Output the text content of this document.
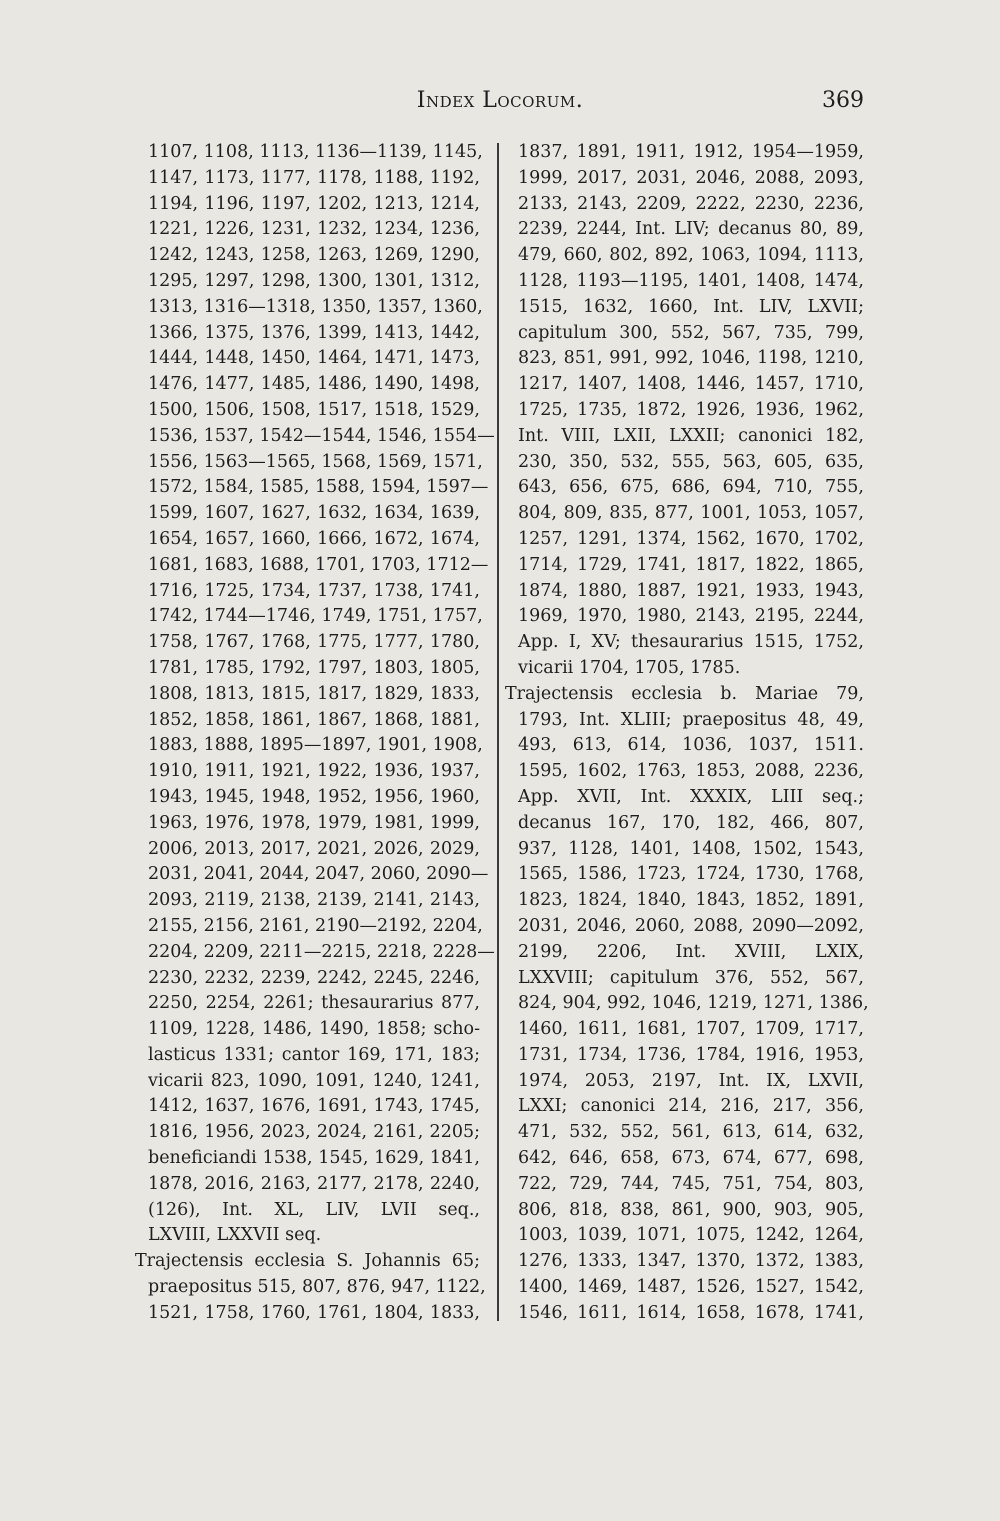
Index Locorum.	369
1107, 1108, 1113, 1136—1139, 1145,
1147, 1173, 1177, 1178, 1188, 1192,
1194, 1196, 1197, 1202, 1213, 1214,
1221, 1226, 1231, 1232, 1234, 1236,
1242, 1243, 1258, 1263, 1269, 1290,
1295, 1297, 1298, 1300, 1301, 1312,
1313, 1316—1318, 1350, 1357, 1360,
1366, 1375, 1376, 1399, 1413, 1442,
1444, 1448, 1450, 1464, 1471, 1473,
1476, 1477, 1485, 1486, 1490, 1498,
1500, 1506, 1508, 1517, 1518, 1529,
1536, 1537, 1542—1544, 1546, 1554—
1556, 1563—1565, 1568, 1569, 1571,
1572, 1584, 1585, 1588, 1594, 1597—
1599, 1607, 1627, 1632, 1634, 1639,
1654, 1657, 1660, 1666, 1672, 1674,
1681, 1683, 1688, 1701, 1703, 1712—
1716, 1725, 1734, 1737, 1738, 1741,
1742, 1744—1746, 1749, 1751, 1757,
1758, 1767, 1768, 1775, 1777, 1780,
1781, 1785, 1792, 1797, 1803, 1805,
1808, 1813, 1815, 1817, 1829, 1833,
1852, 1858, 1861, 1867, 1868, 1881,
1883, 1888, 1895—1897, 1901, 1908,
1910, 1911, 1921, 1922, 1936, 1937,
1943, 1945, 1948, 1952, 1956, 1960,
1963, 1976, 1978, 1979, 1981, 1999,
2006, 2013, 2017, 2021, 2026, 2029,
2031, 2041, 2044, 2047, 2060, 2090—
2093, 2119, 2138, 2139, 2141, 2143,
2155, 2156, 2161, 2190—2192, 2204,
2204, 2209, 2211—2215, 2218, 2228—
2230, 2232, 2239, 2242, 2245, 2246,
2250, 2254, 2261; thesaurarius 877,
1109, 1228, 1486, 1490, 1858; scho-
lasticus 1331; cantor 169, 171, 183;
vicarii 823, 1090, 1091, 1240, 1241,
1412, 1637, 1676, 1691, 1743, 1745,
1816, 1956, 2023, 2024, 2161, 2205;
beneficiandi 1538, 1545, 1629, 1841,
1878, 2016, 2163, 2177, 2178, 2240,
(126), Int. XL, LIV, LVII seq.,
LXVIII, LXXVII seq.
Trajectensis ecclesia S. Johannis 65;
praepositus 515, 807, 876, 947, 1122,
1521, 1758, 1760, 1761, 1804, 1833,
1837, 1891, 1911, 1912, 1954—1959,
1999, 2017, 2031, 2046, 2088, 2093,
2133, 2143, 2209, 2222, 2230, 2236,
2239, 2244, Int. LIV; decanus 80, 89,
479, 660, 802, 892, 1063, 1094, 1113,
1128, 1193—1195, 1401, 1408, 1474,
1515, 1632, 1660, Int. LIV, LXVII;
capitulum 300, 552, 567, 735, 799,
823, 851, 991, 992, 1046, 1198, 1210,
1217, 1407, 1408, 1446, 1457, 1710,
1725, 1735, 1872, 1926, 1936, 1962,
Int. VIII, LXII, LXXII; canonici 182,
230, 350, 532, 555, 563, 605, 635,
643, 656, 675, 686, 694, 710, 755,
804, 809, 835, 877, 1001, 1053, 1057,
1257, 1291, 1374, 1562, 1670, 1702,
1714, 1729, 1741, 1817, 1822, 1865,
1874, 1880, 1887, 1921, 1933, 1943,
1969, 1970, 1980, 2143, 2195, 2244,
App. I, XV; thesaurarius 1515, 1752,
vicarii 1704, 1705, 1785.
Trajectensis ecclesia b. Mariae 79,
1793, Int. XLIII; praepositus 48, 49,
493, 613, 614, 1036, 1037, 1511.
1595, 1602, 1763, 1853, 2088, 2236,
App. XVII, Int. XXXIX, LIII seq.;
decanus 167, 170, 182, 466, 807,
937, 1128, 1401, 1408, 1502, 1543,
1565, 1586, 1723, 1724, 1730, 1768,
1823, 1824, 1840, 1843, 1852, 1891,
2031, 2046, 2060, 2088, 2090—2092,
2199, 2206, Int. XVIII, LXIX,
LXXVIII; capitulum 376, 552, 567,
824, 904, 992, 1046, 1219, 1271, 1386,
1460, 1611, 1681, 1707, 1709, 1717,
1731, 1734, 1736, 1784, 1916, 1953,
1974, 2053, 2197, Int. IX, LXVII,
LXXI; canonici 214, 216, 217, 356,
471, 532, 552, 561, 613, 614, 632,
642, 646, 658, 673, 674, 677, 698,
722, 729, 744, 745, 751, 754, 803,
806, 818, 838, 861, 900, 903, 905,
1003, 1039, 1071, 1075, 1242, 1264,
1276, 1333, 1347, 1370, 1372, 1383,
1400, 1469, 1487, 1526, 1527, 1542,
1546, 1611, 1614, 1658, 1678, 1741,
